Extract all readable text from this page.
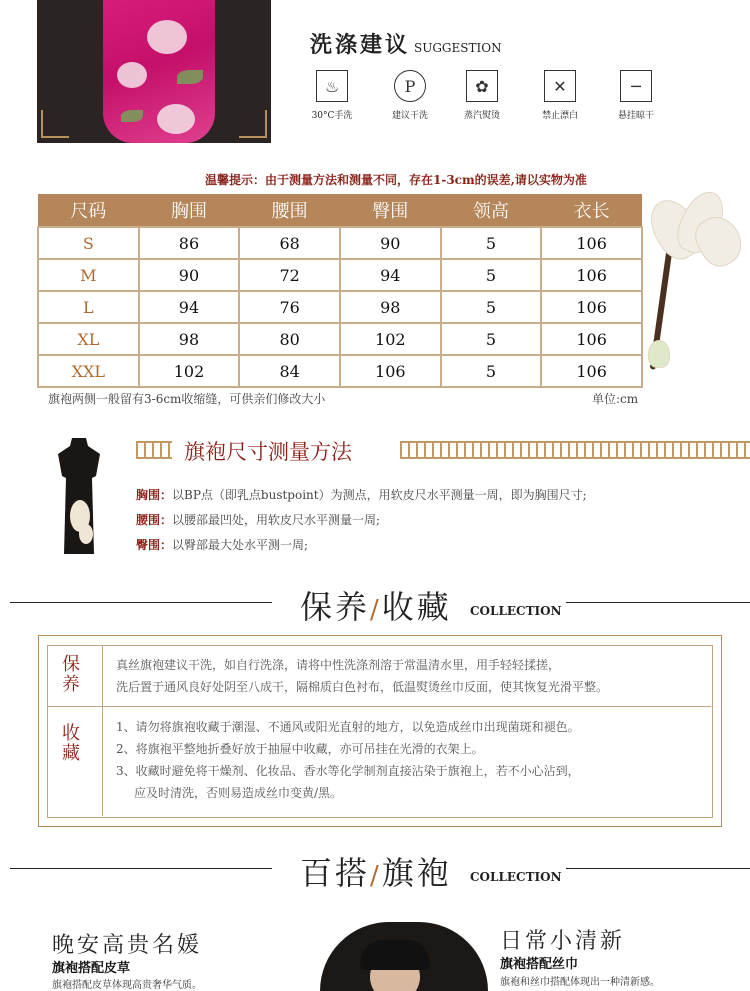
洗涤建议 SUGGESTION
♨
30°C手洗
P
建议干洗
✿
蒸汽熨烫
✕
禁止漂白
─
悬挂晾干
温馨提示：由于测量方法和测量不同，存在1-3cm的误差,请以实物为准
尺码	胸围	腰围	臀围	领高	衣长
S	86	68	90	5	106
M	90	72	94	5	106
L	94	76	98	5	106
XL	98	80	102	5	106
XXL	102	84	106	5	106
旗袍两侧一般留有3-6cm收缩缝，可供亲们修改大小	单位:cm
旗袍尺寸测量方法
胸围：以BP点（即乳点bustpoint）为测点，用软皮尺水平测量一周，即为胸围尺寸;
腰围：以腰部最凹处，用软皮尺水平测量一周;
臀围：以臀部最大处水平测一周;
保养/收藏 COLLECTION
保养
真丝旗袍建议干洗，如自行洗涤，请将中性洗涤剂溶于常温清水里，用手轻轻揉搓，
洗后置于通风良好处阴至八成干，隔棉质白色衬布，低温熨烫丝巾反面，使其恢复光滑平整。
收藏
1、请勿将旗袍收藏于潮湿、不通风或阳光直射的地方，以免造成丝巾出现菌斑和褪色。
2、将旗袍平整地折叠好放于抽屉中收藏，亦可吊挂在光滑的衣架上。
3、收藏时避免将干燥剂、化妆品、香水等化学制剂直接沾染于旗袍上，若不小心沾到，
应及时清洗，否则易造成丝巾变黄/黑。
百搭/旗袍 COLLECTION
晚安高贵名媛
旗袍搭配皮草
旗袍搭配皮草体现高贵奢华气质。
日常小清新
旗袍搭配丝巾
旗袍和丝巾搭配体现出一种清新感。
